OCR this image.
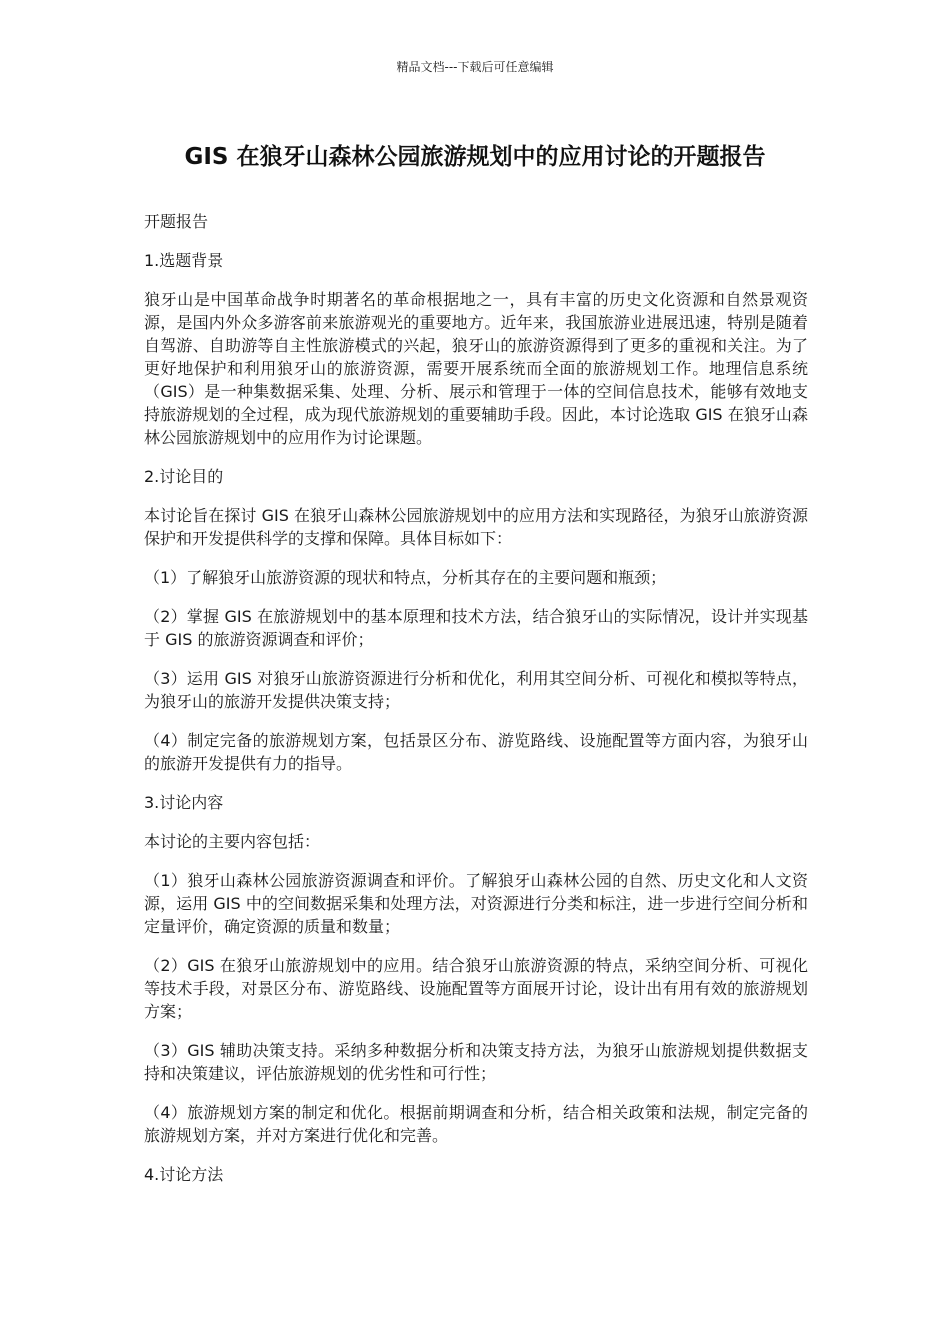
精品文档---下载后可任意编辑
GIS 在狼牙山森林公园旅游规划中的应用讨论的开题报告

开题报告

1.选题背景

狼牙山是中国革命战争时期著名的革命根据地之一，具有丰富的历史文化资源和自然景观资源，是国内外众多游客前来旅游观光的重要地方。近年来，我国旅游业进展迅速，特别是随着自驾游、自助游等自主性旅游模式的兴起，狼牙山的旅游资源得到了更多的重视和关注。为了更好地保护和利用狼牙山的旅游资源，需要开展系统而全面的旅游规划工作。地理信息系统（GIS）是一种集数据采集、处理、分析、展示和管理于一体的空间信息技术，能够有效地支持旅游规划的全过程，成为现代旅游规划的重要辅助手段。因此，本讨论选取 GIS 在狼牙山森林公园旅游规划中的应用作为讨论课题。

2.讨论目的

本讨论旨在探讨 GIS 在狼牙山森林公园旅游规划中的应用方法和实现路径，为狼牙山旅游资源保护和开发提供科学的支撑和保障。具体目标如下：

（1）了解狼牙山旅游资源的现状和特点，分析其存在的主要问题和瓶颈；

（2）掌握 GIS 在旅游规划中的基本原理和技术方法，结合狼牙山的实际情况，设计并实现基于 GIS 的旅游资源调查和评价；

（3）运用 GIS 对狼牙山旅游资源进行分析和优化，利用其空间分析、可视化和模拟等特点，为狼牙山的旅游开发提供决策支持；

（4）制定完备的旅游规划方案，包括景区分布、游览路线、设施配置等方面内容，为狼牙山的旅游开发提供有力的指导。

3.讨论内容

本讨论的主要内容包括：

（1）狼牙山森林公园旅游资源调查和评价。了解狼牙山森林公园的自然、历史文化和人文资源，运用 GIS 中的空间数据采集和处理方法，对资源进行分类和标注，进一步进行空间分析和定量评价，确定资源的质量和数量；

（2）GIS 在狼牙山旅游规划中的应用。结合狼牙山旅游资源的特点，采纳空间分析、可视化等技术手段，对景区分布、游览路线、设施配置等方面展开讨论，设计出有用有效的旅游规划方案；

（3）GIS 辅助决策支持。采纳多种数据分析和决策支持方法，为狼牙山旅游规划提供数据支持和决策建议，评估旅游规划的优劣性和可行性；

（4）旅游规划方案的制定和优化。根据前期调查和分析，结合相关政策和法规，制定完备的旅游规划方案，并对方案进行优化和完善。

4.讨论方法
